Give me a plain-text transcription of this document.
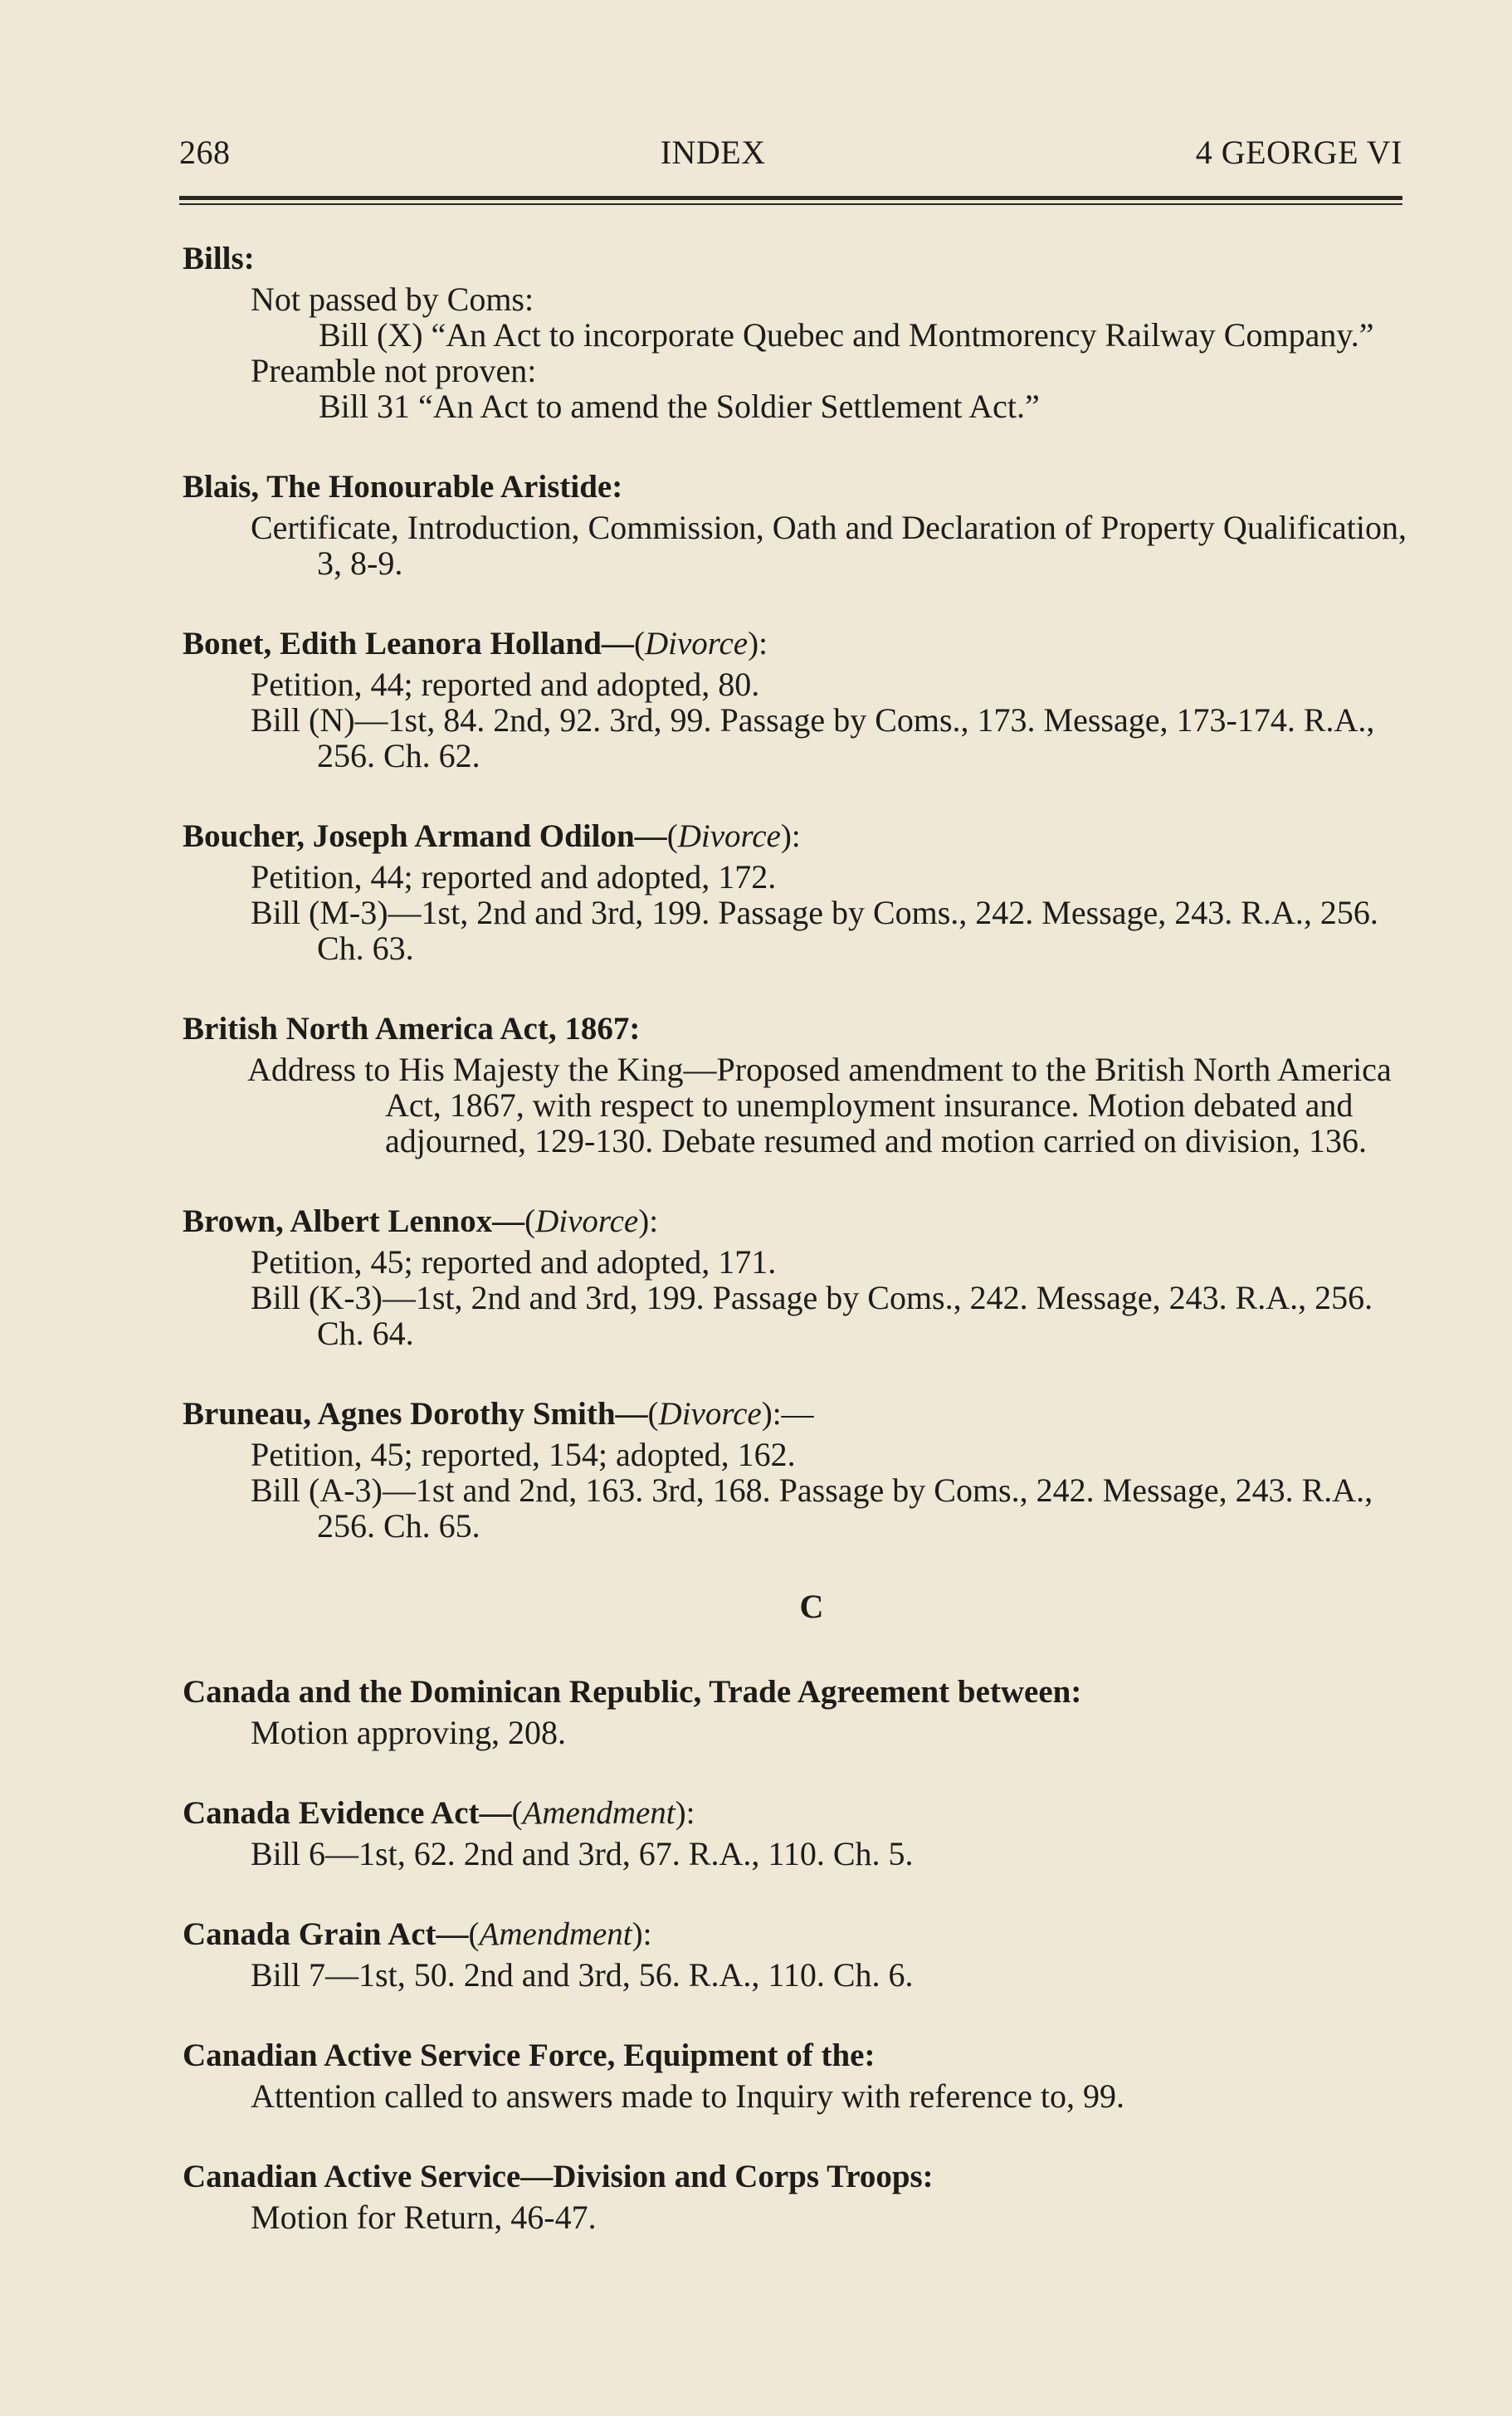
268	INDEX	4 GEORGE VI
Bills:
Not passed by Coms:
Bill (X) “An Act to incorporate Quebec and Montmorency Railway Company.”
Preamble not proven:
Bill 31 “An Act to amend the Soldier Settlement Act.”
Blais, The Honourable Aristide:
Certificate, Introduction, Commission, Oath and Declaration of Property Qualification, 3, 8-9.
Bonet, Edith Leanora Holland—(Divorce):
Petition, 44; reported and adopted, 80.
Bill (N)—1st, 84. 2nd, 92. 3rd, 99. Passage by Coms., 173. Message, 173-174. R.A., 256. Ch. 62.
Boucher, Joseph Armand Odilon—(Divorce):
Petition, 44; reported and adopted, 172.
Bill (M-3)—1st, 2nd and 3rd, 199. Passage by Coms., 242. Message, 243. R.A., 256. Ch. 63.
British North America Act, 1867:
Address to His Majesty the King—Proposed amendment to the British North America Act, 1867, with respect to unemployment insurance. Motion debated and adjourned, 129-130. Debate resumed and motion carried on division, 136.
Brown, Albert Lennox—(Divorce):
Petition, 45; reported and adopted, 171.
Bill (K-3)—1st, 2nd and 3rd, 199. Passage by Coms., 242. Message, 243. R.A., 256. Ch. 64.
Bruneau, Agnes Dorothy Smith—(Divorce):—
Petition, 45; reported, 154; adopted, 162.
Bill (A-3)—1st and 2nd, 163. 3rd, 168. Passage by Coms., 242. Message, 243. R.A., 256. Ch. 65.
C
Canada and the Dominican Republic, Trade Agreement between:
Motion approving, 208.
Canada Evidence Act—(Amendment):
Bill 6—1st, 62. 2nd and 3rd, 67. R.A., 110. Ch. 5.
Canada Grain Act—(Amendment):
Bill 7—1st, 50. 2nd and 3rd, 56. R.A., 110. Ch. 6.
Canadian Active Service Force, Equipment of the:
Attention called to answers made to Inquiry with reference to, 99.
Canadian Active Service—Division and Corps Troops:
Motion for Return, 46-47.
